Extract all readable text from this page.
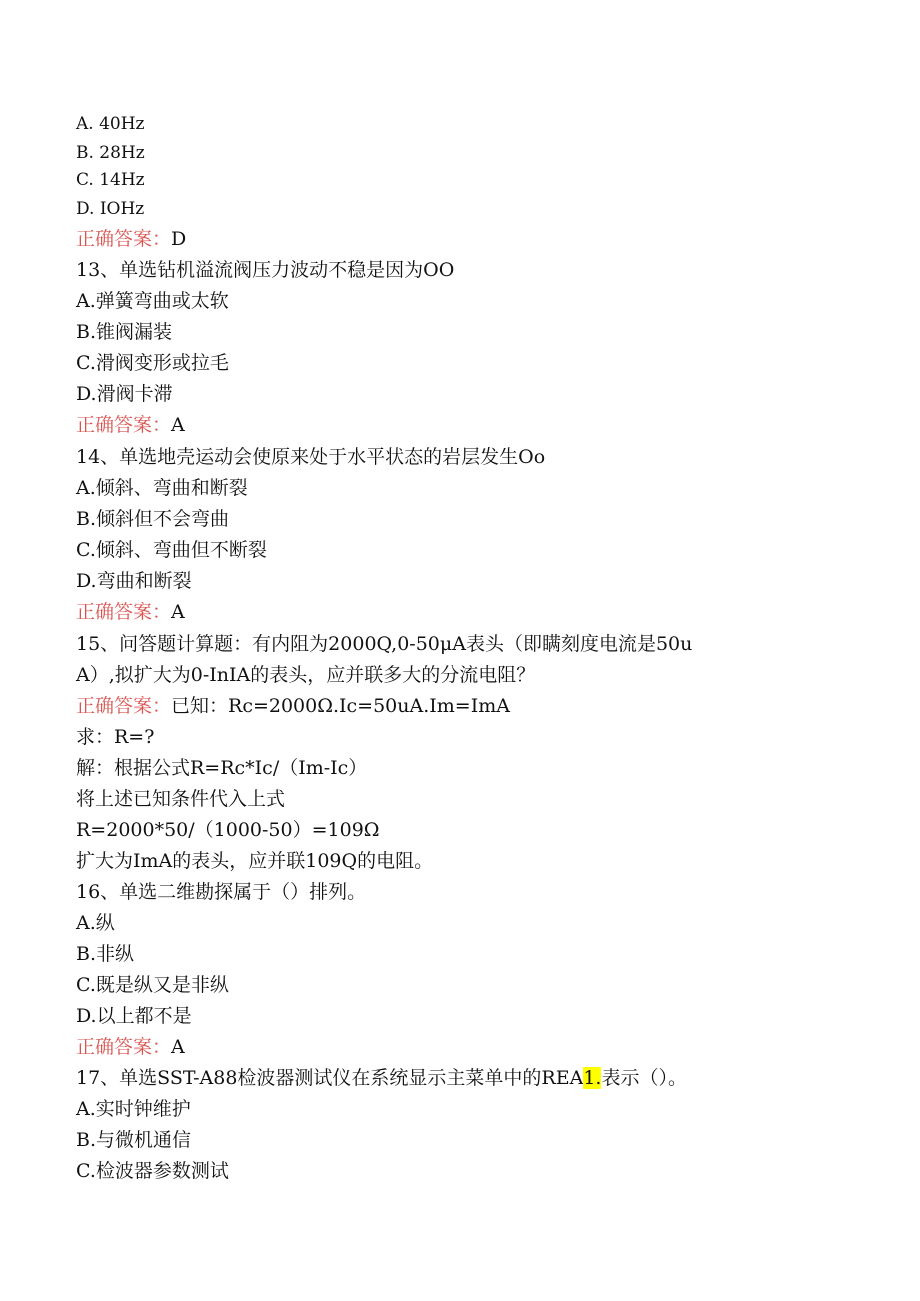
A. 40Hz
B. 28Hz
C. 14Hz
D. IOHz
正确答案：D
13、单选钻机溢流阀压力波动不稳是因为OO
A.弹簧弯曲或太软
B.锥阀漏装
C.滑阀变形或拉毛
D.滑阀卡滞
正确答案：A
14、单选地壳运动会使原来处于水平状态的岩层发生Oo
A.倾斜、弯曲和断裂
B.倾斜但不会弯曲
C.倾斜、弯曲但不断裂
D.弯曲和断裂
正确答案：A
15、问答题计算题：有内阻为2000Q,0-50μA表头（即瞒刻度电流是50u
A）,拟扩大为0-InIA的表头，应并联多大的分流电阻？
正确答案：已知：Rc=2000Ω.Ic=50uA.Im=ImA
求：R=?
解：根据公式R=Rc*Ic/（Im-Ic）
将上述已知条件代入上式
R=2000*50/（1000-50）=109Ω
扩大为ImA的表头，应并联109Q的电阻。
16、单选二维勘探属于（）排列。
A.纵
B.非纵
C.既是纵又是非纵
D.以上都不是
正确答案：A
17、单选SST-A88检波器测试仪在系统显示主菜单中的REA1.表示（）。
A.实时钟维护
B.与微机通信
C.检波器参数测试
